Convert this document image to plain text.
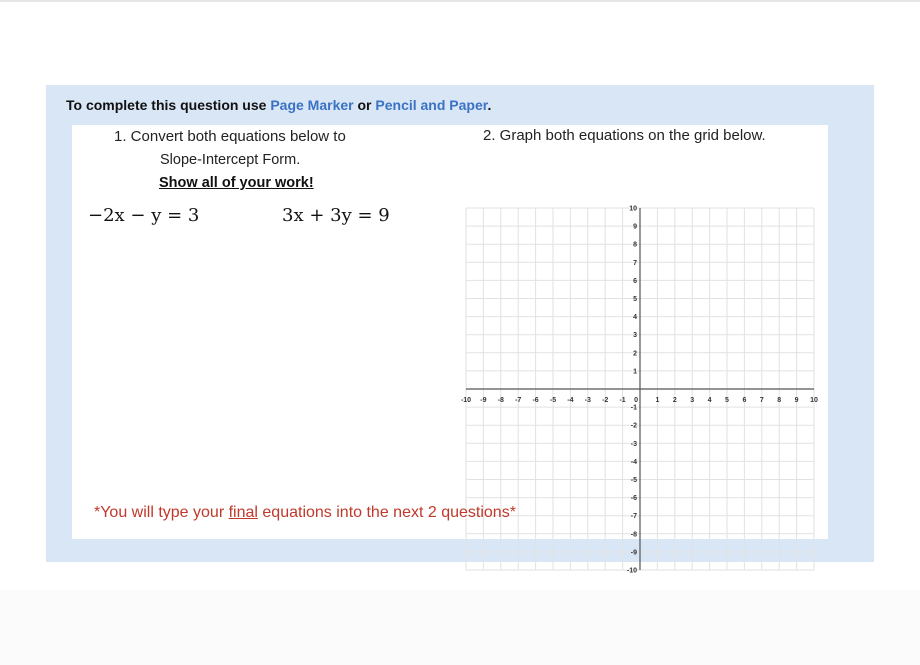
To complete this question use Page Marker or Pencil and Paper.
1. Convert both equations below to
Slope-Intercept Form.
Show all of your work!
−2x − y = 3	3x + 3y = 9
2. Graph both equations on the grid below.
-10 -9 -8 -7 -6 -5 -4 -3 -2 -1 0 1 2 3 4 5 6 7 8 9 10
10
9
8
7
6
5
4
3
2
1
-1
-2
-3
-4
-5
-6
-7
-8
-9
-10
*You will type your final equations into the next 2 questions*
